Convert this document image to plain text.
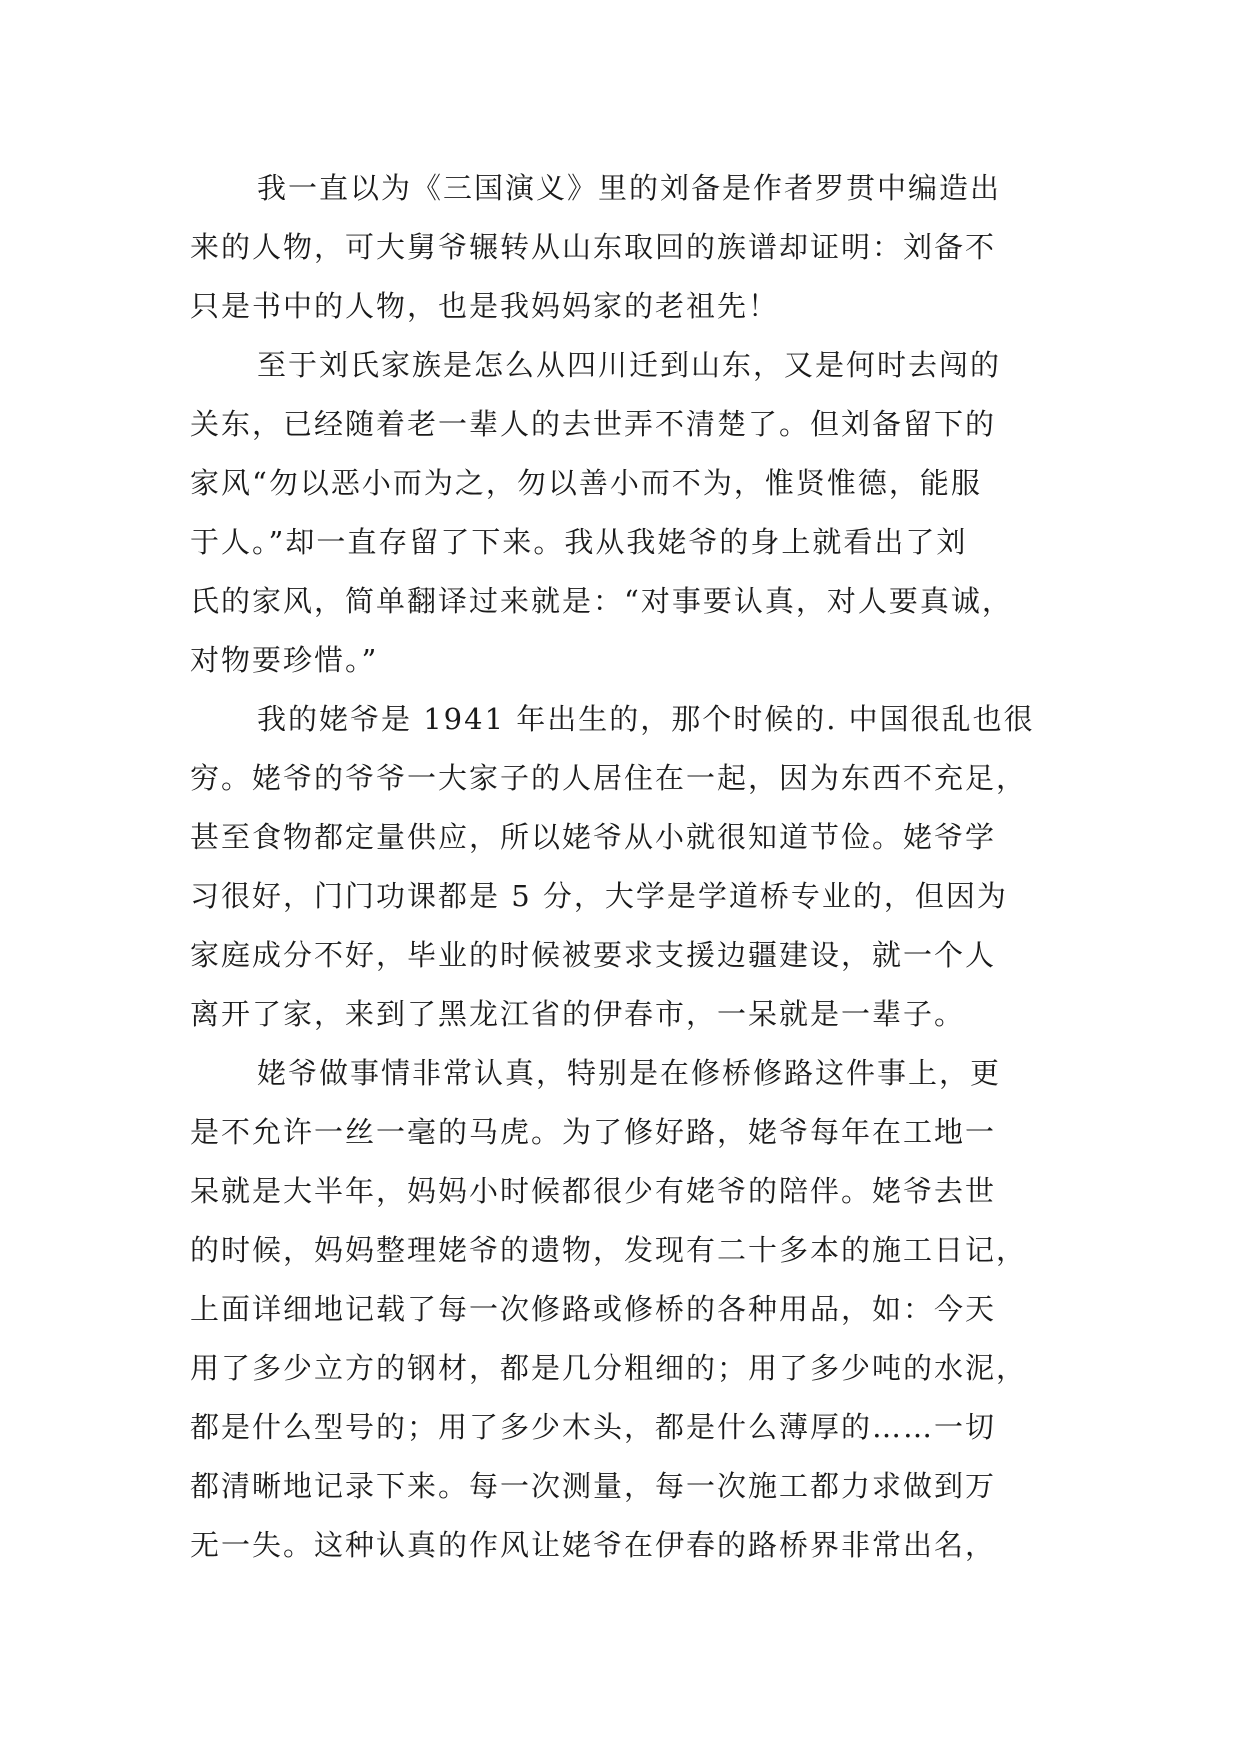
我一直以为《三国演义》里的刘备是作者罗贯中编造出
来的人物，可大舅爷辗转从山东取回的族谱却证明：刘备不
只是书中的人物，也是我妈妈家的老祖先！
至于刘氏家族是怎么从四川迁到山东，又是何时去闯的
关东，已经随着老一辈人的去世弄不清楚了。但刘备留下的
家风“勿以恶小而为之，勿以善小而不为，惟贤惟德，能服
于人。”却一直存留了下来。我从我姥爷的身上就看出了刘
氏的家风，简单翻译过来就是：“对事要认真，对人要真诚，
对物要珍惜。”
我的姥爷是 1941 年出生的，那个时候的. 中国很乱也很
穷。姥爷的爷爷一大家子的人居住在一起，因为东西不充足，
甚至食物都定量供应，所以姥爷从小就很知道节俭。姥爷学
习很好，门门功课都是 5 分，大学是学道桥专业的，但因为
家庭成分不好，毕业的时候被要求支援边疆建设，就一个人
离开了家，来到了黑龙江省的伊春市，一呆就是一辈子。
姥爷做事情非常认真，特别是在修桥修路这件事上，更
是不允许一丝一毫的马虎。为了修好路，姥爷每年在工地一
呆就是大半年，妈妈小时候都很少有姥爷的陪伴。姥爷去世
的时候，妈妈整理姥爷的遗物，发现有二十多本的施工日记，
上面详细地记载了每一次修路或修桥的各种用品，如：今天
用了多少立方的钢材，都是几分粗细的；用了多少吨的水泥，
都是什么型号的；用了多少木头，都是什么薄厚的……一切
都清晰地记录下来。每一次测量，每一次施工都力求做到万
无一失。这种认真的作风让姥爷在伊春的路桥界非常出名，
